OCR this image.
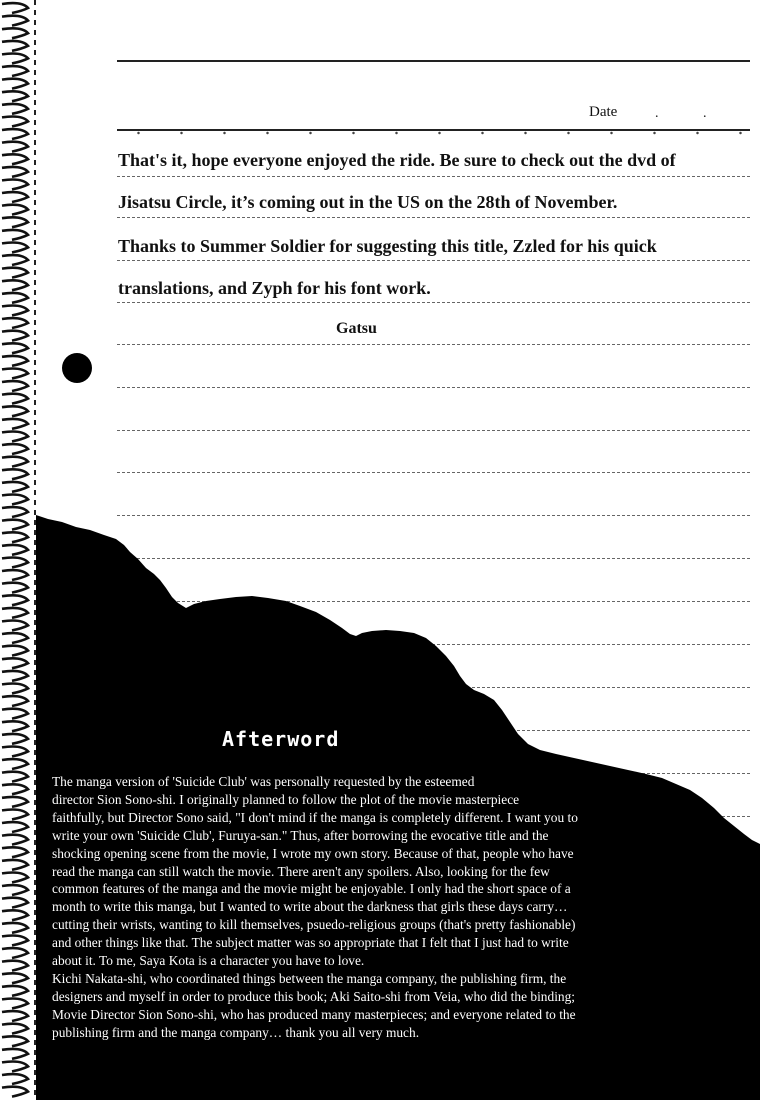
Date	.	.
That's it, hope everyone enjoyed the ride. Be sure to check out the dvd of
Jisatsu Circle, it’s coming out in the US on the 28th of November.
Thanks to Summer Soldier for suggesting this title, Zzled for his quick
translations, and Zyph for his font work.
Gatsu
Afterword

The manga version of 'Suicide Club' was personally requested by the esteemed

director Sion Sono-shi. I originally planned to follow the plot of the movie masterpiece

faithfully, but Director Sono said, "I don't mind if the manga is completely different. I want you to

write your own 'Suicide Club', Furuya-san." Thus, after borrowing the evocative title and the

shocking opening scene from the movie, I wrote my own story. Because of that, people who have

read the manga can still watch the movie. There aren't any spoilers. Also, looking for the few

common features of the manga and the movie might be enjoyable. I only had the short space of a

month to write this manga, but I wanted to write about the darkness that girls these days carry…

cutting their wrists, wanting to kill themselves, psuedo-religious groups (that's pretty fashionable)

and other things like that. The subject matter was so appropriate that I felt that I just had to write

about it. To me, Saya Kota is a character you have to love.

Kichi Nakata-shi, who coordinated things between the manga company, the publishing firm, the

designers and myself in order to produce this book; Aki Saito-shi from Veia, who did the binding;

Movie Director Sion Sono-shi, who has produced many masterpieces; and everyone related to the

publishing firm and the manga company… thank you all very much.
